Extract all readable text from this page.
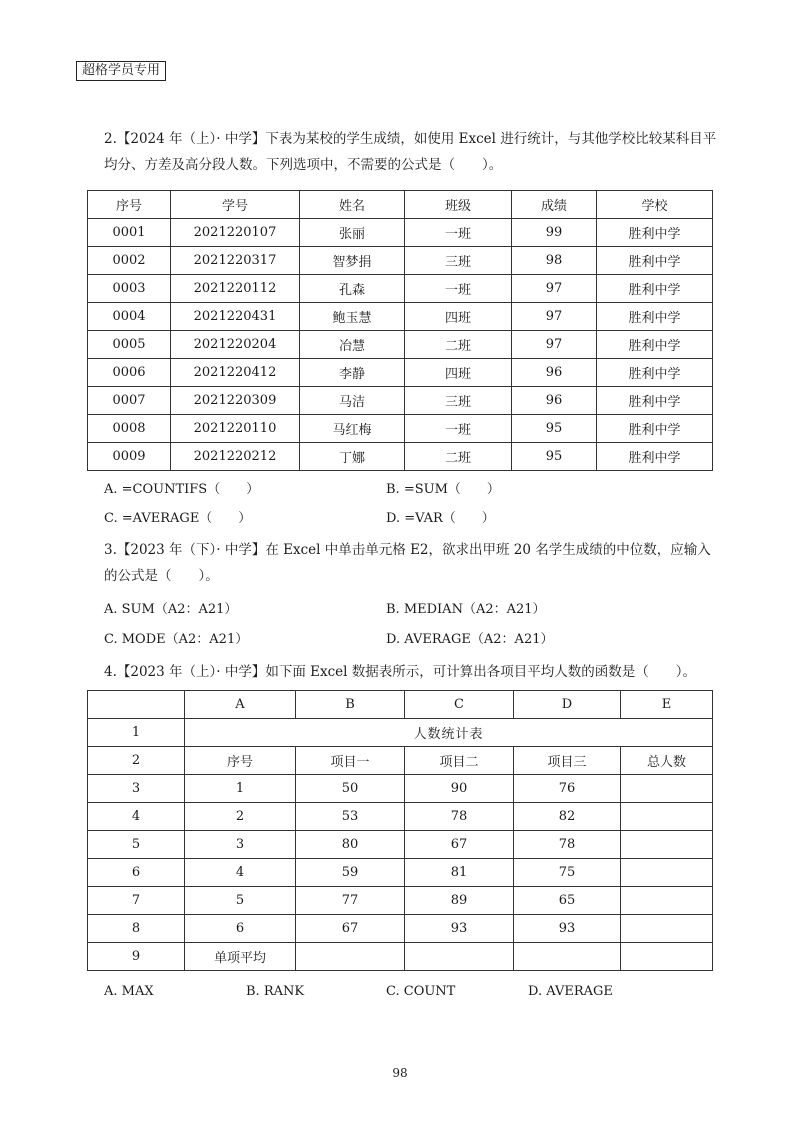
超格学员专用
2.【2024 年（上）· 中学】下表为某校的学生成绩，如使用 Excel 进行统计，与其他学校比较某科目平均分、方差及高分段人数。下列选项中，不需要的公式是（　　）。
序号	学号	姓名	班级	成绩	学校
0001	2021220107	张丽	一班	99	胜利中学
0002	2021220317	智梦捐	三班	98	胜利中学
0003	2021220112	孔森	一班	97	胜利中学
0004	2021220431	鲍玉慧	四班	97	胜利中学
0005	2021220204	冶慧	二班	97	胜利中学
0006	2021220412	李静	四班	96	胜利中学
0007	2021220309	马洁	三班	96	胜利中学
0008	2021220110	马红梅	一班	95	胜利中学
0009	2021220212	丁娜	二班	95	胜利中学
A. =COUNTIFS（　　）	B. =SUM（　　）
C. =AVERAGE（　　）	D. =VAR（　　）
3.【2023 年（下）· 中学】在 Excel 中单击单元格 E2，欲求出甲班 20 名学生成绩的中位数，应输入的公式是（　　）。
A. SUM（A2：A21）	B. MEDIAN（A2：A21）
C. MODE（A2：A21）	D. AVERAGE（A2：A21）
4.【2023 年（上）· 中学】如下面 Excel 数据表所示，可计算出各项目平均人数的函数是（　　）。
	A	B	C	D	E
1	人数统计表				
2	序号	项目一	项目二	项目三	总人数
3	1	50	90	76	
4	2	53	78	82	
5	3	80	67	78	
6	4	59	81	75	
7	5	77	89	65	
8	6	67	93	93	
9	单项平均				
A. MAX	B. RANK	C. COUNT	D. AVERAGE
98
